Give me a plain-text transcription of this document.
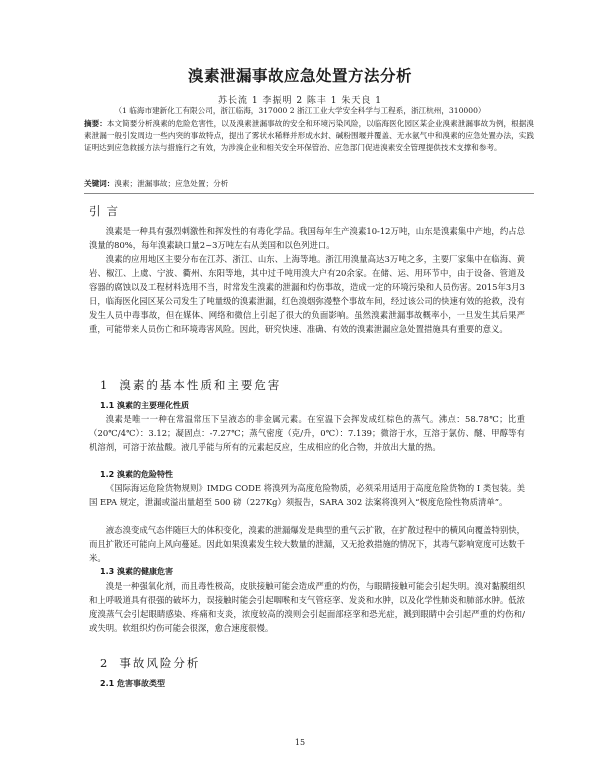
溴素泄漏事故应急处置方法分析
苏长流 1 李振明 2 陈丰 1 朱天良 1
（1 临海市建新化工有限公司，浙江临海，317000 2 浙江工业大学安全科学与工程系，浙江杭州，310000）
摘要：本文简要分析溴素的危险危害性，以及溴素泄漏事故的安全和环境污染风险，以临海医化园区某企业溴素泄漏事故为例，根据溴素泄漏一般引发周边一些内突的事故特点，提出了雾状水稀释并形成水封、碱粉围堰并覆盖、无水氨气中和溴素的应急处置办法，实践证明达到应急救援方法与措施行之有效，为涉溴企业和相关安全环保管治、应急部门促进溴素安全管理提供技术支撑和参考。
关键词：溴素；泄漏事故；应急处置；分析
引言

溴素是一种具有强烈刺激性和挥发性的有毒化学品。我国每年生产溴素10-12万吨，山东是溴素集中产地，约占总溴量的80%，每年溴素缺口量2~3万吨左右从美国和以色列进口。

溴素的应用地区主要分布在江苏、浙江、山东、上海等地。浙江用溴量高达3万吨之多，主要厂家集中在临海、黄岩、椒江、上虞、宁波、衢州、东阳等地，其中过千吨用溴大户有20余家。在储、运、用环节中，由于设备、管道及容器的腐蚀以及工程材料选用不当，时常发生溴素的泄漏和灼伤事故，造成一定的环境污染和人员伤害。2015年3月3日，临海医化园区某公司发生了吨量级的溴素泄漏，红色溴烟弥漫整个事故车间，经过该公司的快速有效的抢救，没有发生人员中毒事故，但在媒体、网络和微信上引起了很大的负面影响。虽然溴素泄漏事故概率小，一旦发生其后果严重，可能带来人员伤亡和环境毒害风险。因此，研究快速、准确、有效的溴素泄漏应急处置措施具有重要的意义。

1 溴素的基本性质和主要危害
1.1 溴素的主要理化性质

溴素是唯一一种在常温常压下呈液态的非金属元素。在室温下会挥发成红棕色的蒸气。沸点：58.78℃；比重（20℃/4℃）：3.12；凝固点：-7.27℃；蒸气密度（克/升，0℃）：7.139；微溶于水，互溶于氯仿、醚、甲醇等有机溶剂，可溶于浓盐酸。液几乎能与所有的元素起反应，生成相应的化合物，并放出大量的热。

1.2 溴素的危险特性

《国际海运危险货物规则》IMDG CODE 将溴列为高度危险物质，必须采用适用于高度危险货物的 I 类包装。美国 EPA 规定，泄漏或溢出量超至 500 磅（227Kg）须报告，SARA 302 法案将溴列入“极度危险性物质清单”。

液态溴变成气态伴随巨大的体积变化，溴素的泄漏爆发是典型的重气云扩散，在扩散过程中的横风向覆盖特别快，而且扩散还可能向上风向蔓延。因此如果溴素发生较大数量的泄漏，又无抢救措施的情况下，其毒气影响宽度可达数千米。

1.3 溴素的健康危害

溴是一种强氧化剂，而且毒性极高，皮肤接触可能会造成严重的灼伤，与眼睛接触可能会引起失明。溴对黏膜组织和上呼吸道具有很强的破坏力，误接触时能会引起咽喉和支气管痉挛、发炎和水肿，以及化学性肺炎和肺部水肿。低浓度溴蒸气会引起眼睛感染、疼痛和支炎，浓度较高的溴则会引起面部痉挛和恐光症，溅到眼睛中会引起严重的灼伤和/或失明。软组织灼伤可能会很深，愈合速度很慢。

2 事故风险分析
2.1 危害事故类型
15
